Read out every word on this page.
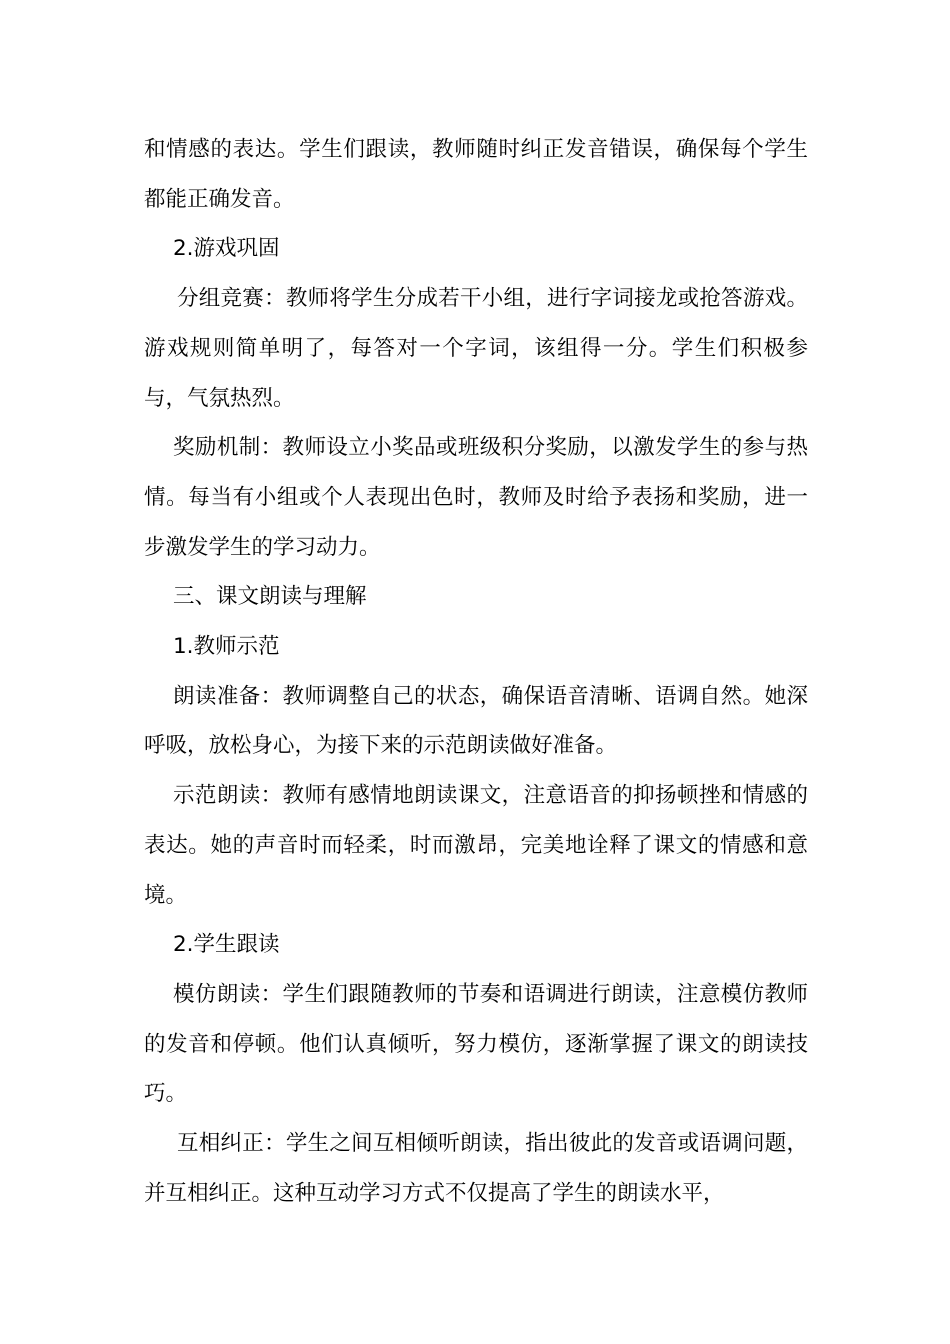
和情感的表达。学生们跟读，教师随时纠正发音错误，确保每个学生都能正确发音。

2.游戏巩固

分组竞赛：教师将学生分成若干小组，进行字词接龙或抢答游戏。游戏规则简单明了，每答对一个字词，该组得一分。学生们积极参与，气氛热烈。

奖励机制：教师设立小奖品或班级积分奖励，以激发学生的参与热情。每当有小组或个人表现出色时，教师及时给予表扬和奖励，进一步激发学生的学习动力。

三、课文朗读与理解

1.教师示范

朗读准备：教师调整自己的状态，确保语音清晰、语调自然。她深呼吸，放松身心，为接下来的示范朗读做好准备。

示范朗读：教师有感情地朗读课文，注意语音的抑扬顿挫和情感的表达。她的声音时而轻柔，时而激昂，完美地诠释了课文的情感和意境。

2.学生跟读

模仿朗读：学生们跟随教师的节奏和语调进行朗读，注意模仿教师的发音和停顿。他们认真倾听，努力模仿，逐渐掌握了课文的朗读技巧。

互相纠正：学生之间互相倾听朗读，指出彼此的发音或语调问题，并互相纠正。这种互动学习方式不仅提高了学生的朗读水平，
